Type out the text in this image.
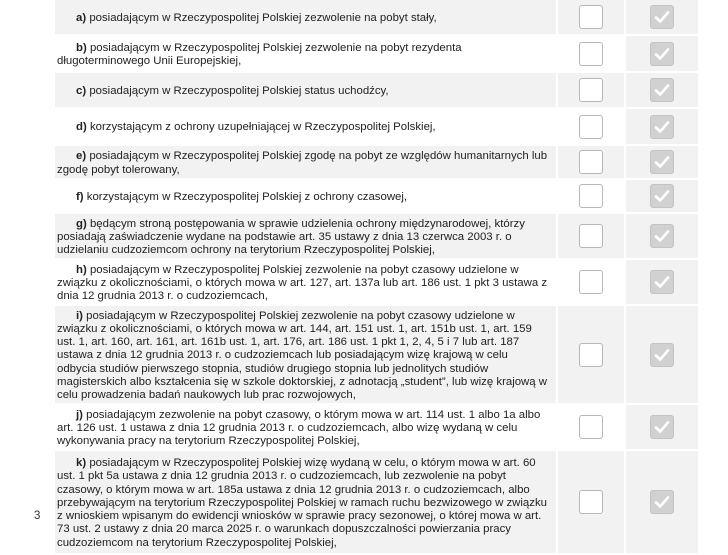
3
a) posiadającym w Rzeczypospolitej Polskiej zezwolenie na pobyt stały,
b) posiadającym w Rzeczypospolitej Polskiej zezwolenie na pobyt rezydenta długoterminowego Unii Europejskiej,
c) posiadającym w Rzeczypospolitej Polskiej status uchodźcy,
d) korzystającym z ochrony uzupełniającej w Rzeczypospolitej Polskiej,
e) posiadającym w Rzeczypospolitej Polskiej zgodę na pobyt ze względów humanitarnych lub zgodę pobyt tolerowany,
f) korzystającym w Rzeczypospolitej Polskiej z ochrony czasowej,
g) będącym stroną postępowania w sprawie udzielenia ochrony międzynarodowej, którzy posiadają zaświadczenie wydane na podstawie art. 35 ustawy z dnia 13 czerwca 2003 r. o udzielaniu cudzoziemcom ochrony na terytorium Rzeczypospolitej Polskiej,
h) posiadającym w Rzeczypospolitej Polskiej zezwolenie na pobyt czasowy udzielone w związku z okolicznościami, o których mowa w art. 127, art. 137a lub art. 186 ust. 1 pkt 3 ustawa z dnia 12 grudnia 2013 r. o cudzoziemcach,
i) posiadającym w Rzeczypospolitej Polskiej zezwolenie na pobyt czasowy udzielone w związku z okolicznościami, o których mowa w art. 144, art. 151 ust. 1, art. 151b ust. 1, art. 159 ust. 1, art. 160, art. 161, art. 161b ust. 1, art. 176, art. 186 ust. 1 pkt 1, 2, 4, 5 i 7 lub art. 187 ustawa z dnia 12 grudnia 2013 r. o cudzoziemcach lub posiadającym wizę krajową w celu odbycia studiów pierwszego stopnia, studiów drugiego stopnia lub jednolitych studiów magisterskich albo kształcenia się w szkole doktorskiej, z adnotacją „student”, lub wizę krajową w celu prowadzenia badań naukowych lub prac rozwojowych,
j) posiadającym zezwolenie na pobyt czasowy, o którym mowa w art. 114 ust. 1 albo 1a albo art. 126 ust. 1 ustawa z dnia 12 grudnia 2013 r. o cudzoziemcach, albo wizę wydaną w celu wykonywania pracy na terytorium Rzeczypospolitej Polskiej,
k) posiadającym w Rzeczypospolitej Polskiej wizę wydaną w celu, o którym mowa w art. 60 ust. 1 pkt 5a ustawa z dnia 12 grudnia 2013 r. o cudzoziemcach, lub zezwolenie na pobyt czasowy, o którym mowa w art. 185a ustawa z dnia 12 grudnia 2013 r. o cudzoziemcach, albo przebywającym na terytorium Rzeczypospolitej Polskiej w ramach ruchu bezwizowego w związku z wnioskiem wpisanym do ewidencji wniosków w sprawie pracy sezonowej, o której mowa w art. 73 ust. 2 ustawy z dnia 20 marca 2025 r. o warunkach dopuszczalności powierzania pracy cudzoziemcom na terytorium Rzeczypospolitej Polskiej,
